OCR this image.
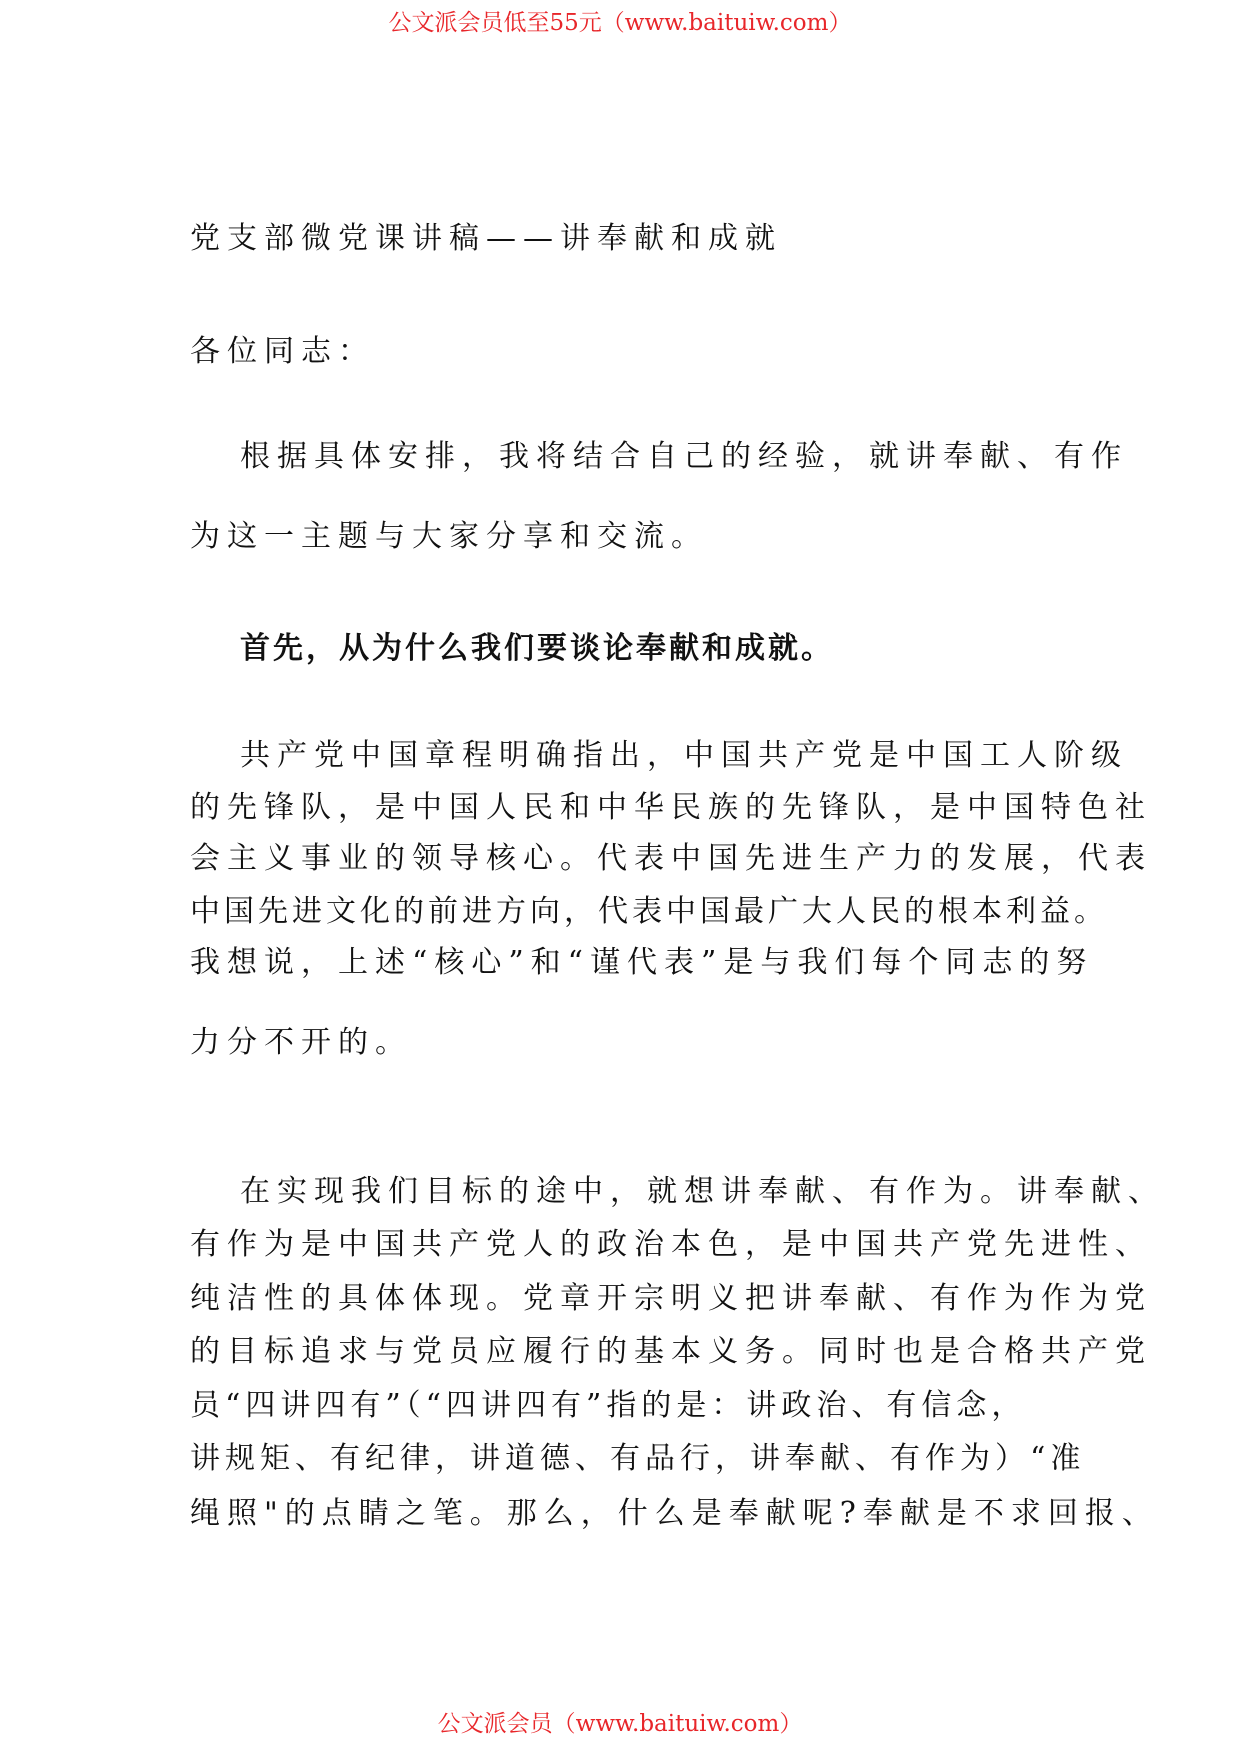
公文派会员低至55元（www.baituiw.com）
党支部微党课讲稿——讲奉献和成就
各位同志：
根据具体安排，我将结合自己的经验，就讲奉献、有作
为这一主题与大家分享和交流。
首先，从为什么我们要谈论奉献和成就。
共产党中国章程明确指出，中国共产党是中国工人阶级
的先锋队，是中国人民和中华民族的先锋队，是中国特色社
会主义事业的领导核心。代表中国先进生产力的发展，代表
中国先进文化的前进方向，代表中国最广大人民的根本利益。
我想说，上述“核心”和“谨代表”是与我们每个同志的努
力分不开的。
在实现我们目标的途中，就想讲奉献、有作为。讲奉献、
有作为是中国共产党人的政治本色，是中国共产党先进性、
纯洁性的具体体现。党章开宗明义把讲奉献、有作为作为党
的目标追求与党员应履行的基本义务。同时也是合格共产党
员“四讲四有”（“四讲四有”指的是：讲政治、有信念，
讲规矩、有纪律，讲道德、有品行，讲奉献、有作为）“准
绳照"的点睛之笔。那么，什么是奉献呢?奉献是不求回报、
公文派会员（www.baituiw.com）
